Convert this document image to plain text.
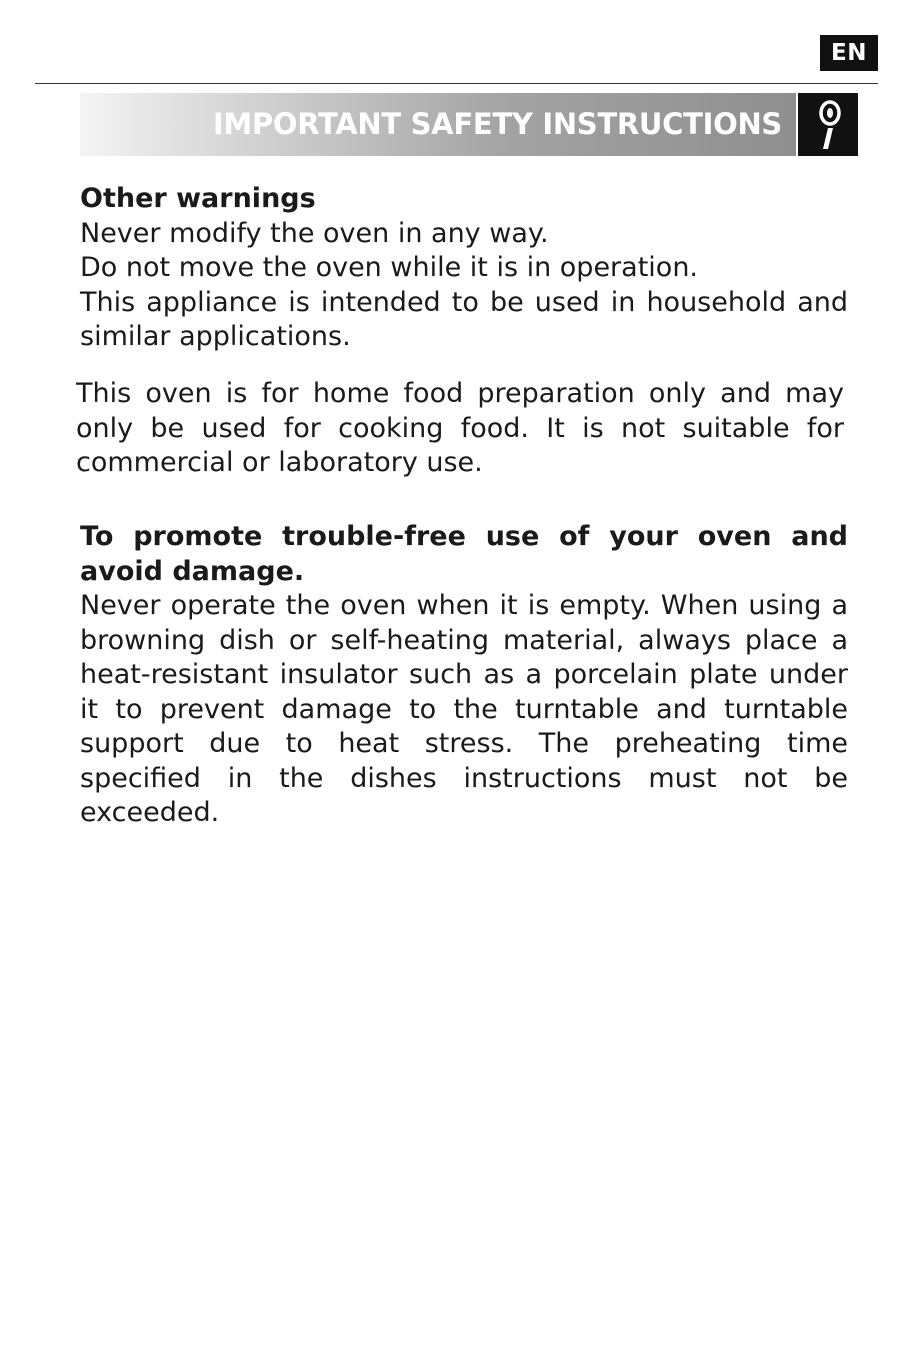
EN
IMPORTANT SAFETY INSTRUCTIONS

Other warnings

Never modify the oven in any way.

Do not move the oven while it is in operation.

This appliance is intended to be used in household and similar applications.

This oven is for home food preparation only and may only be used for cooking food. It is not suitable for commercial or laboratory use.

To promote trouble-free use of your oven and avoid damage.

Never operate the oven when it is empty. When using a browning dish or self-heating material, always place a heat-resistant insulator such as a porcelain plate under it to prevent damage to the turntable and turntable support due to heat stress. The preheating time specified in the dishes instructions must not be exceeded.
